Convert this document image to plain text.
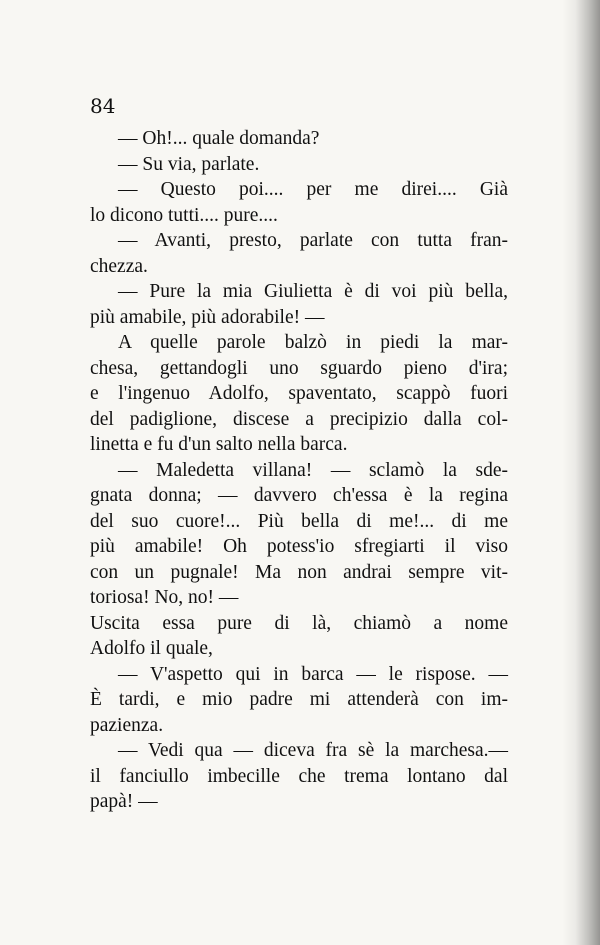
84
— Oh!... quale domanda?
— Su via, parlate.
— Questo poi.... per me direi.... Già
lo dicono tutti.... pure....
— Avanti, presto, parlate con tutta fran-
chezza.
— Pure la mia Giulietta è di voi più bella,
più amabile, più adorabile! —
A quelle parole balzò in piedi la mar-
chesa, gettandogli uno sguardo pieno d'ira;
e l'ingenuo Adolfo, spaventato, scappò fuori
del padiglione, discese a precipizio dalla col-
linetta e fu d'un salto nella barca.
— Maledetta villana! — sclamò la sde-
gnata donna; — davvero ch'essa è la regina
del suo cuore!... Più bella di me!... di me
più amabile! Oh potess'io sfregiarti il viso
con un pugnale! Ma non andrai sempre vit-
toriosa! No, no! —
Uscita essa pure di là, chiamò a nome
Adolfo il quale,
— V'aspetto qui in barca — le rispose. —
È tardi, e mio padre mi attenderà con im-
pazienza.
— Vedi qua — diceva fra sè la marchesa.—
il fanciullo imbecille che trema lontano dal
papà! —
